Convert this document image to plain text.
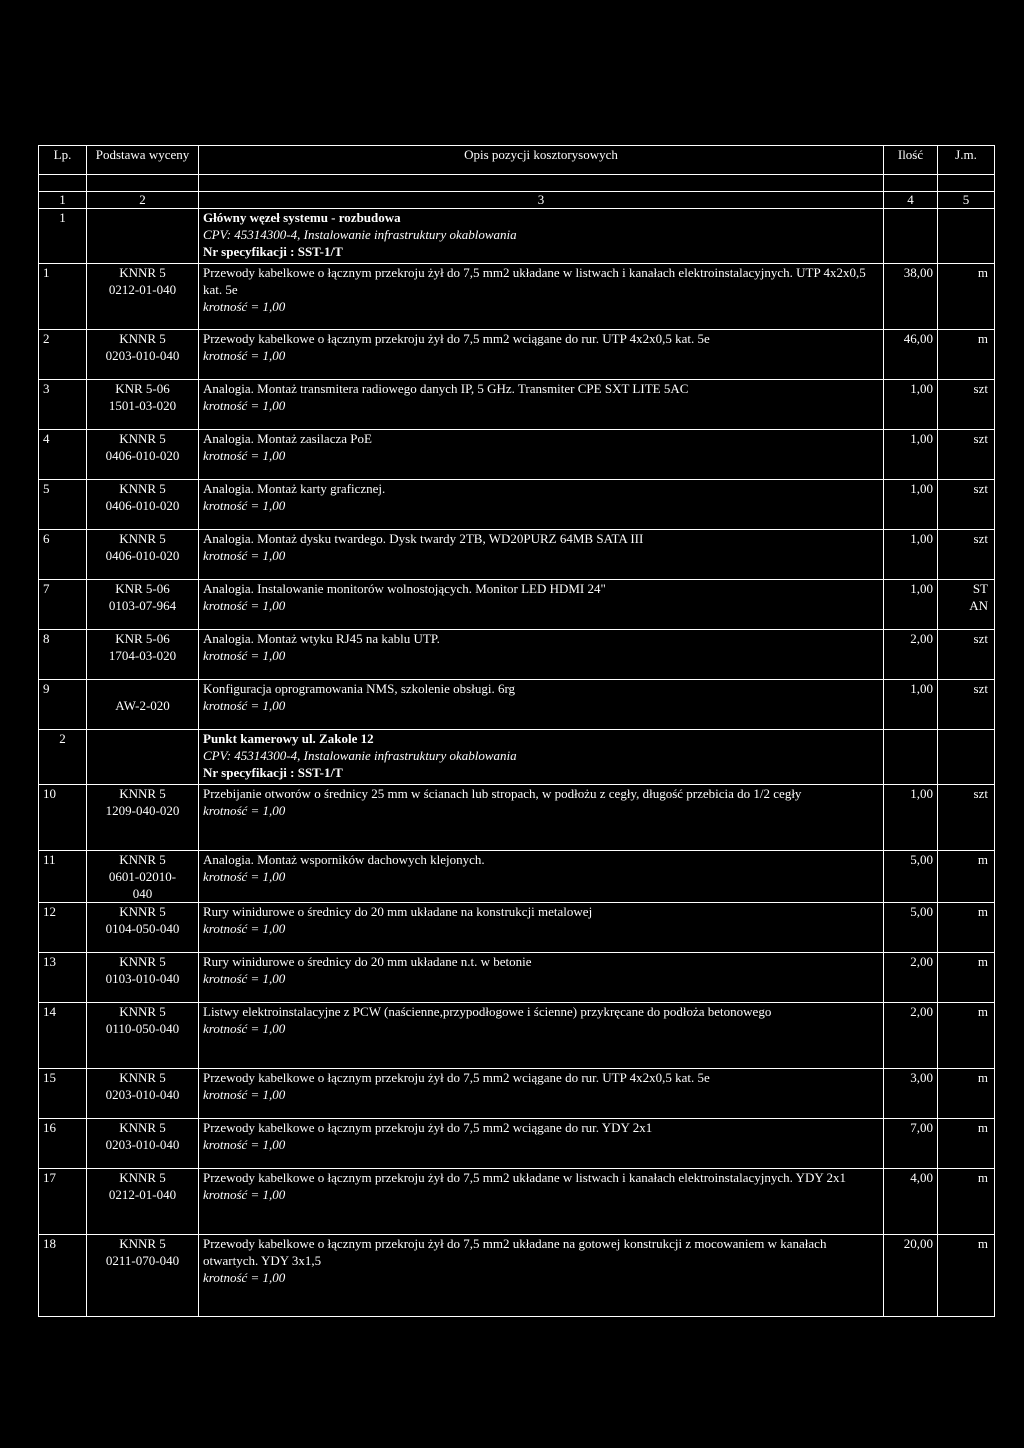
Lp.	Podstawa wyceny	Opis pozycji kosztorysowych	Ilość	J.m.

1	2	3	4	5
1		Główny węzeł systemu - rozbudowa
CPV: 45314300-4, Instalowanie infrastruktury okablowania
Nr specyfikacji : SST-1/T		

1	KNNR 5
0212-01-040	Przewody kabelkowe o łącznym przekroju żył do 7,5 mm2 układane w listwach i kanałach elektroinstalacyjnych. UTP 4x2x0,5 kat. 5e
krotność = 1,00	38,00	m
2	KNNR 5
0203-010-040	Przewody kabelkowe o łącznym przekroju żył do 7,5 mm2 wciągane do rur. UTP 4x2x0,5 kat. 5e
krotność = 1,00	46,00	m
3	KNR 5-06
1501-03-020	Analogia. Montaż transmitera radiowego danych IP, 5 GHz. Transmiter CPE SXT LITE 5AC
krotność = 1,00	1,00	szt
4	KNNR 5
0406-010-020	Analogia. Montaż zasilacza PoE
krotność = 1,00	1,00	szt
5	KNNR 5
0406-010-020	Analogia. Montaż karty graficznej.
krotność = 1,00	1,00	szt
6	KNNR 5
0406-010-020	Analogia. Montaż dysku twardego. Dysk twardy 2TB, WD20PURZ 64MB SATA III
krotność = 1,00	1,00	szt
7	KNR 5-06
0103-07-964	Analogia. Instalowanie monitorów wolnostojących. Monitor LED HDMI 24"
krotność = 1,00	1,00	ST AN
8	KNR 5-06
1704-03-020	Analogia. Montaż wtyku RJ45 na kablu UTP.
krotność = 1,00	2,00	szt
9	AW-2-020	Konfiguracja oprogramowania NMS, szkolenie obsługi. 6rg
krotność = 1,00	1,00	szt
2		Punkt kamerowy ul. Zakole 12
CPV: 45314300-4, Instalowanie infrastruktury okablowania
Nr specyfikacji : SST-1/T		

10	KNNR 5
1209-040-020	Przebijanie otworów o średnicy 25 mm w ścianach lub stropach, w podłożu z cegły, długość przebicia do 1/2 cegły
krotność = 1,00	1,00	szt
11	KNNR 5
0601-02010-
040	Analogia. Montaż wsporników dachowych klejonych.
krotność = 1,00	5,00	m
12	KNNR 5
0104-050-040	Rury winidurowe o średnicy do 20 mm układane na konstrukcji metalowej
krotność = 1,00	5,00	m
13	KNNR 5
0103-010-040	Rury winidurowe o średnicy do 20 mm układane n.t. w betonie
krotność = 1,00	2,00	m
14	KNNR 5
0110-050-040	Listwy elektroinstalacyjne z PCW (naścienne,przypodłogowe i ścienne) przykręcane do podłoża betonowego
krotność = 1,00	2,00	m
15	KNNR 5
0203-010-040	Przewody kabelkowe o łącznym przekroju żył do 7,5 mm2 wciągane do rur. UTP 4x2x0,5 kat. 5e
krotność = 1,00	3,00	m
16	KNNR 5
0203-010-040	Przewody kabelkowe o łącznym przekroju żył do 7,5 mm2 wciągane do rur. YDY 2x1
krotność = 1,00	7,00	m
17	KNNR 5
0212-01-040	Przewody kabelkowe o łącznym przekroju żył do 7,5 mm2 układane w listwach i kanałach elektroinstalacyjnych. YDY 2x1
krotność = 1,00	4,00	m
18	KNNR 5
0211-070-040	Przewody kabelkowe o łącznym przekroju żył do 7,5 mm2 układane na gotowej konstrukcji z mocowaniem w kanałach otwartych. YDY 3x1,5
krotność = 1,00	20,00	m
